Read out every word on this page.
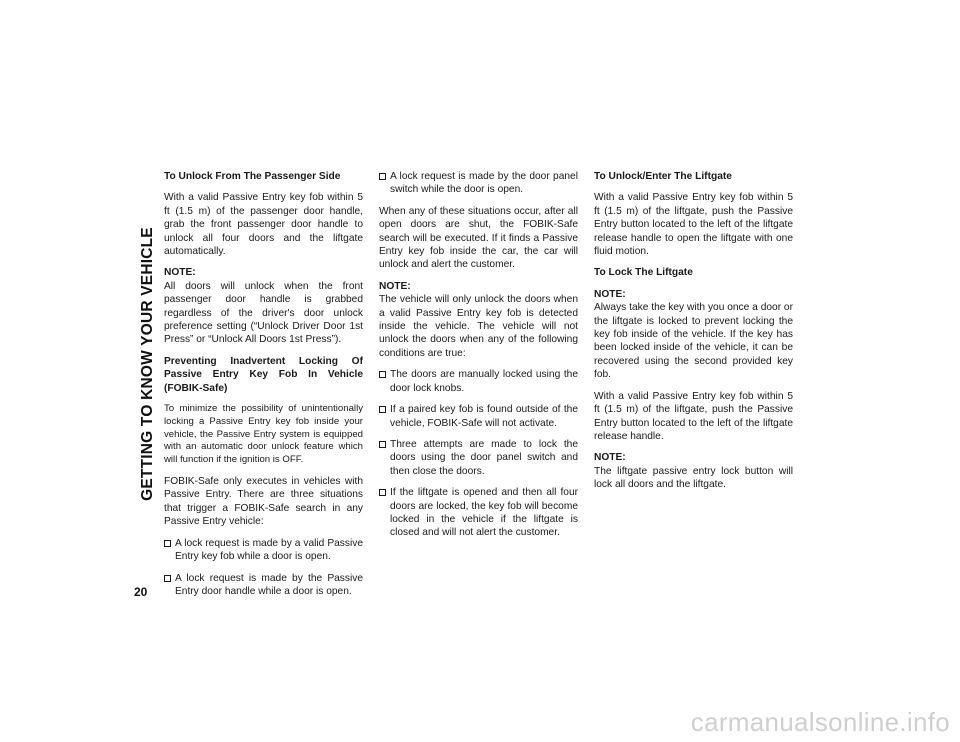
GETTING TO KNOW YOUR VEHICLE
20
To Unlock From The Passenger Side
With a valid Passive Entry key fob within 5 ft (1.5 m) of the passenger door handle, grab the front passenger door handle to unlock all four doors and the liftgate automatically.
NOTE:
All doors will unlock when the front passenger door handle is grabbed regardless of the driver's door unlock preference setting (“Unlock Driver Door 1st Press” or “Unlock All Doors 1st Press”).
Preventing Inadvertent Locking Of Passive Entry Key Fob In Vehicle (FOBIK-Safe)
To minimize the possibility of unintentionally locking a Passive Entry key fob inside your vehicle, the Passive Entry system is equipped with an automatic door unlock feature which will function if the ignition is OFF.
FOBIK-Safe only executes in vehicles with Passive Entry. There are three situations that trigger a FOBIK-Safe search in any Passive Entry vehicle:
A lock request is made by a valid Passive Entry key fob while a door is open.
A lock request is made by the Passive Entry door handle while a door is open.
A lock request is made by the door panel switch while the door is open.
When any of these situations occur, after all open doors are shut, the FOBIK-Safe search will be executed. If it finds a Passive Entry key fob inside the car, the car will unlock and alert the customer.
NOTE:
The vehicle will only unlock the doors when a valid Passive Entry key fob is detected inside the vehicle. The vehicle will not unlock the doors when any of the following conditions are true:
The doors are manually locked using the door lock knobs.
If a paired key fob is found outside of the vehicle, FOBIK-Safe will not activate.
Three attempts are made to lock the doors using the door panel switch and then close the doors.
If the liftgate is opened and then all four doors are locked, the key fob will become locked in the vehicle if the liftgate is closed and will not alert the customer.
To Unlock/Enter The Liftgate
With a valid Passive Entry key fob within 5 ft (1.5 m) of the liftgate, push the Passive Entry button located to the left of the liftgate release handle to open the liftgate with one fluid motion.
To Lock The Liftgate
NOTE:
Always take the key with you once a door or the liftgate is locked to prevent locking the key fob inside of the vehicle. If the key has been locked inside of the vehicle, it can be recovered using the second provided key fob.
With a valid Passive Entry key fob within 5 ft (1.5 m) of the liftgate, push the Passive Entry button located to the left of the liftgate release handle.
NOTE:
The liftgate passive entry lock button will lock all doors and the liftgate.
carmanualsonline.info
